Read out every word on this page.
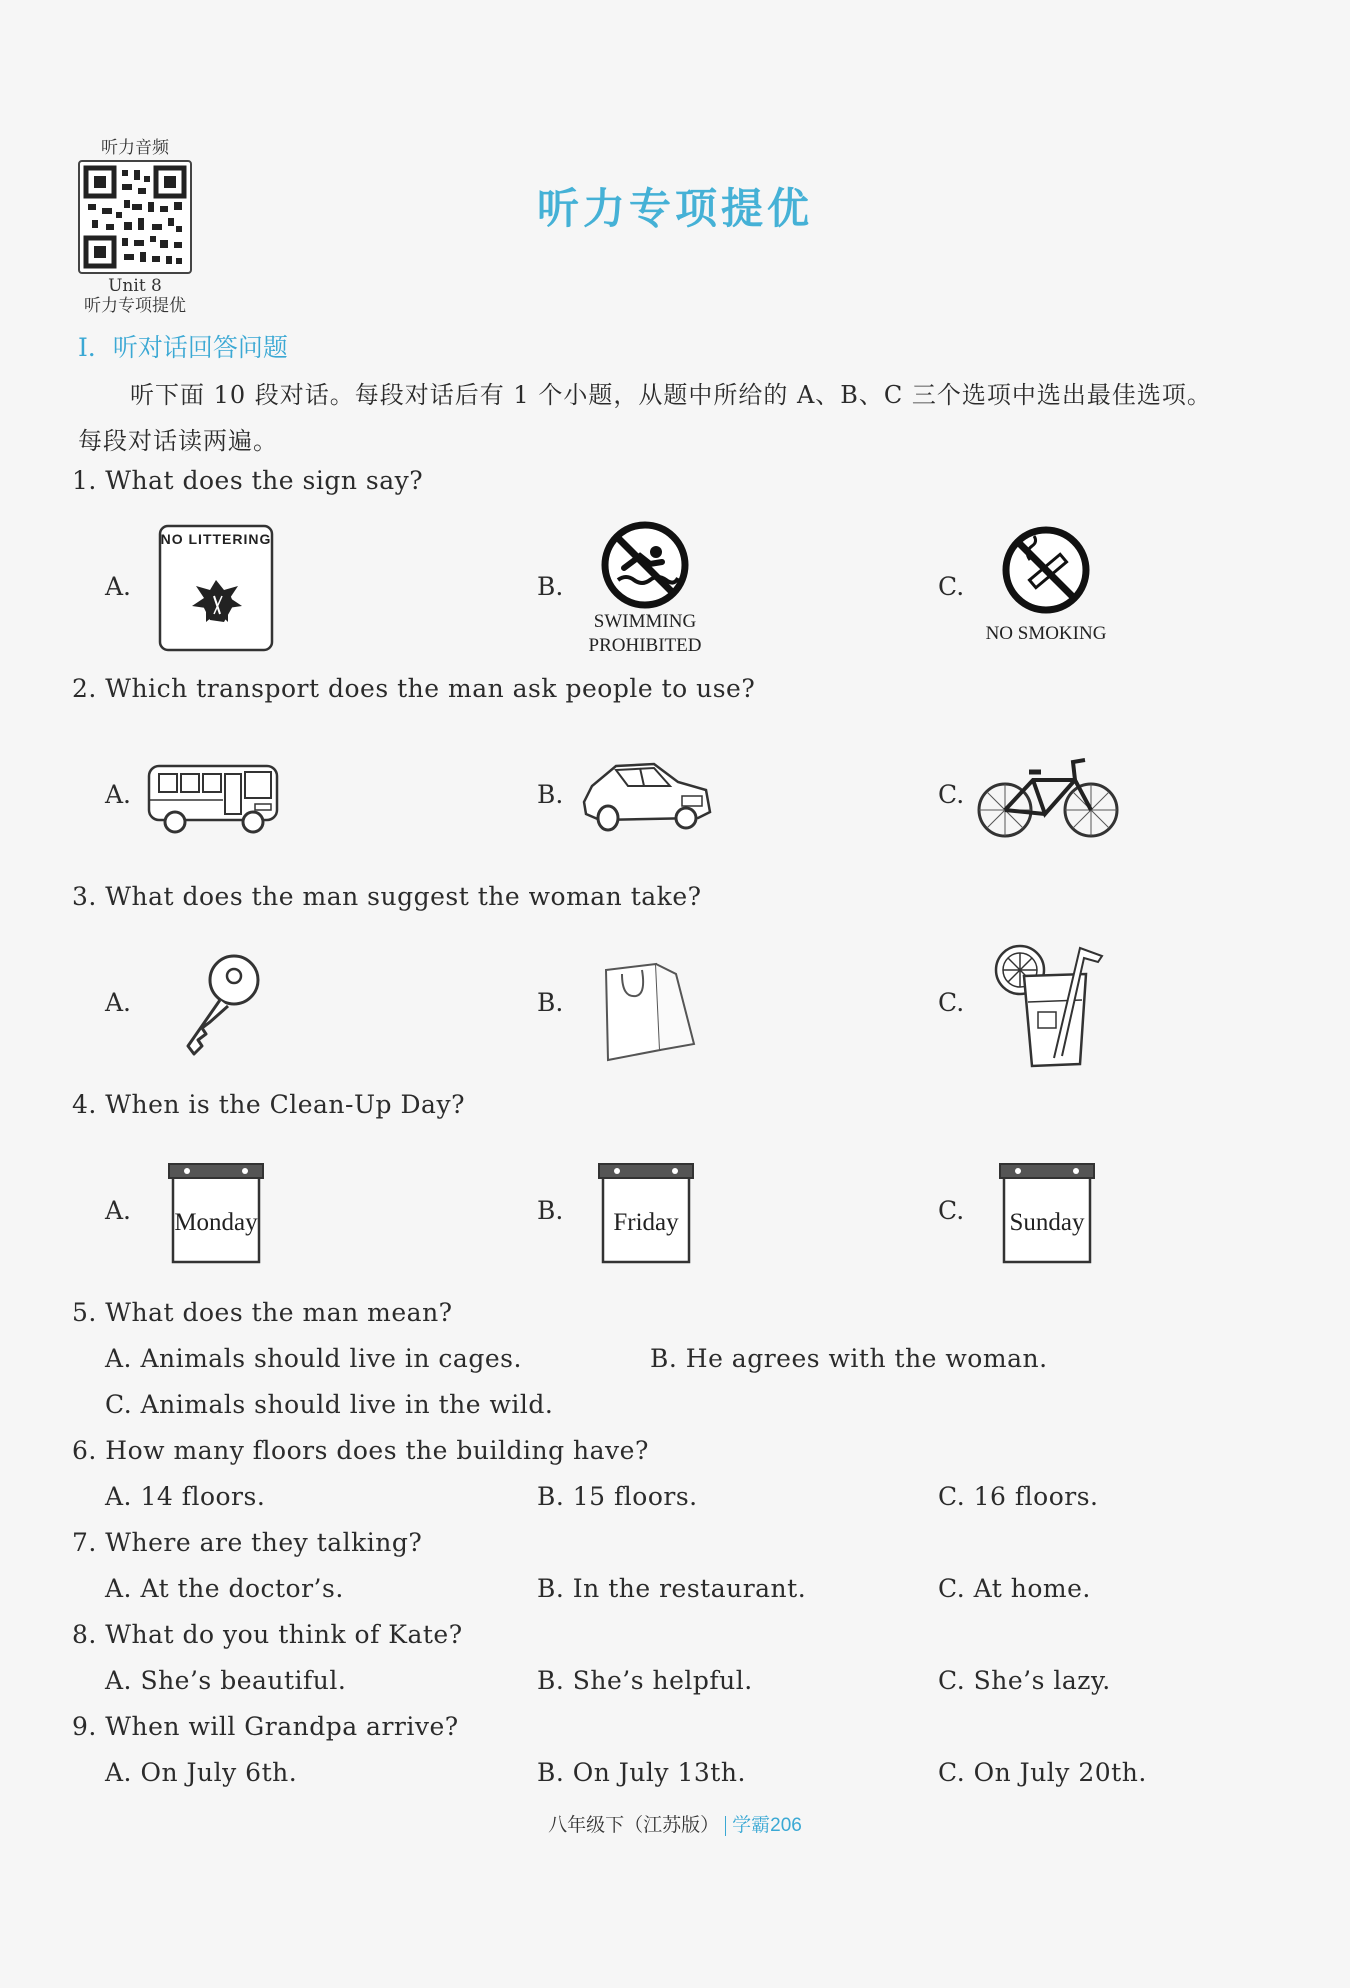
听力音频
Unit 8
听力专项提优
听力专项提优
Ⅰ．听对话回答问题
听下面 10 段对话。每段对话后有 1 个小题，从题中所给的 A、B、C 三个选项中选出最佳选项。
每段对话读两遍。
1. What does the sign say?
A.
NO LITTERING
B.
SWIMMING
PROHIBITED
C.
NO SMOKING
2. Which transport does the man ask people to use?
A.	B.	C.
3. What does the man suggest the woman take?
A.	B.	C.
4. When is the Clean-Up Day?
A. Monday	B. Friday	C. Sunday
5. What does the man mean?
A. Animals should live in cages.	B. He agrees with the woman.
C. Animals should live in the wild.
6. How many floors does the building have?
A. 14 floors.	B. 15 floors.	C. 16 floors.
7. Where are they talking?
A. At the doctor’s.	B. In the restaurant.	C. At home.
8. What do you think of Kate?
A. She’s beautiful.	B. She’s helpful.	C. She’s lazy.
9. When will Grandpa arrive?
A. On July 6th.	B. On July 13th.	C. On July 20th.
八年级下（江苏版） 学霸206
